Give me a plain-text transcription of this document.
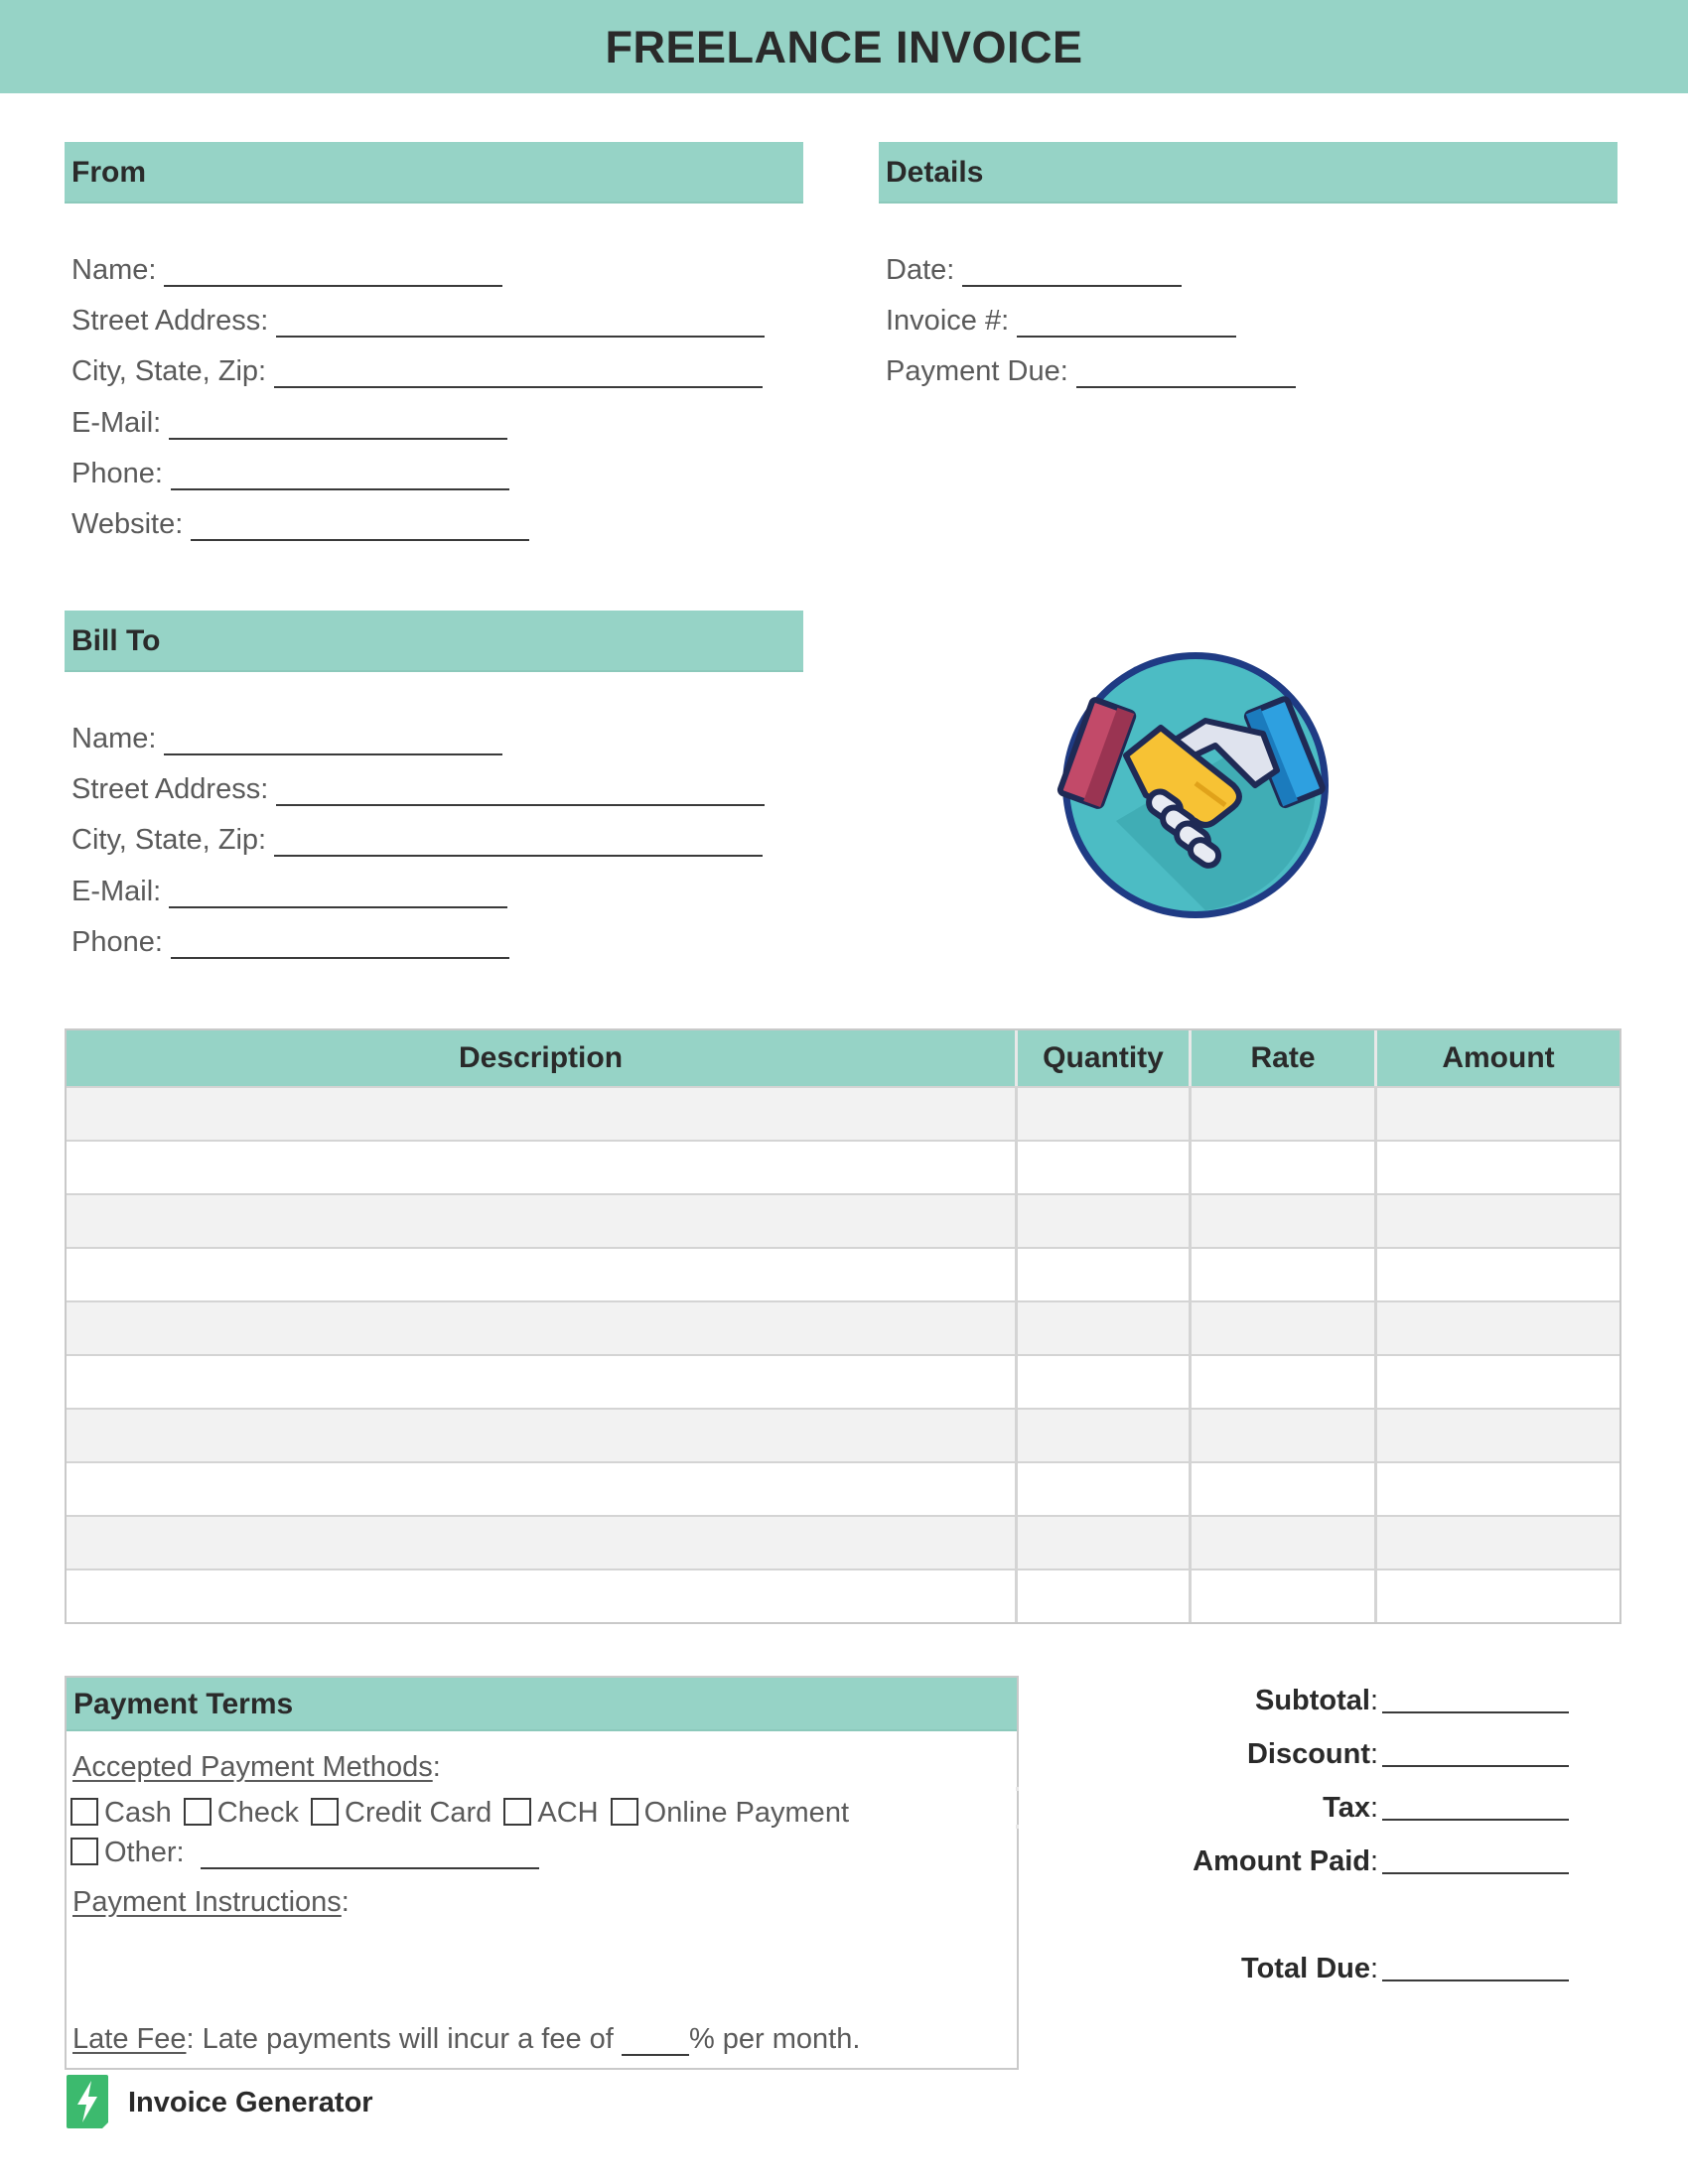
FREELANCE INVOICE
From
Name:
Street Address:
City, State, Zip:
E-Mail:
Phone:
Website:
Details
Date:
Invoice #:
Payment Due:
Bill To
Name:
Street Address:
City, State, Zip:
E-Mail:
Phone:
Description	Quantity	Rate	Amount
Payment Terms
Accepted Payment Methods:
Cash Check Credit Card ACH Online Payment
Other:
Payment Instructions:
Late Fee: Late payments will incur a fee of % per month.
Subtotal :
Discount :
Tax :
Amount Paid :
Total Due :
Invoice Generator
